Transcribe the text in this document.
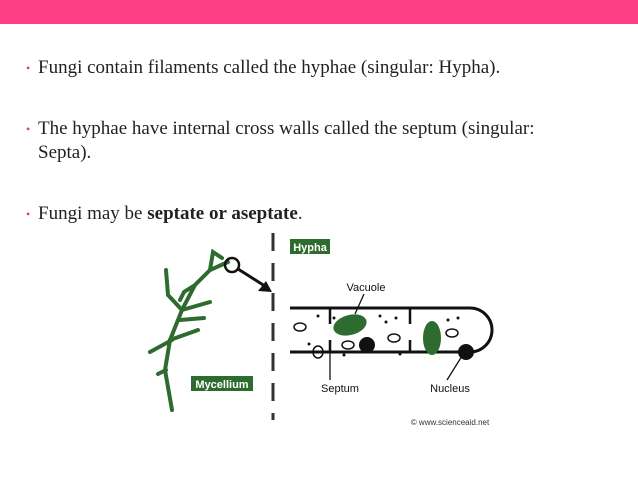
• Fungi contain filaments called the hyphae (singular: Hypha).
• The hyphae have internal cross walls called the septum (singular: Septa).
• Fungi may be septate or aseptate.
Hypha
Vacuole
Septum	Nucleus
Mycellium
© www.scienceaid.net
